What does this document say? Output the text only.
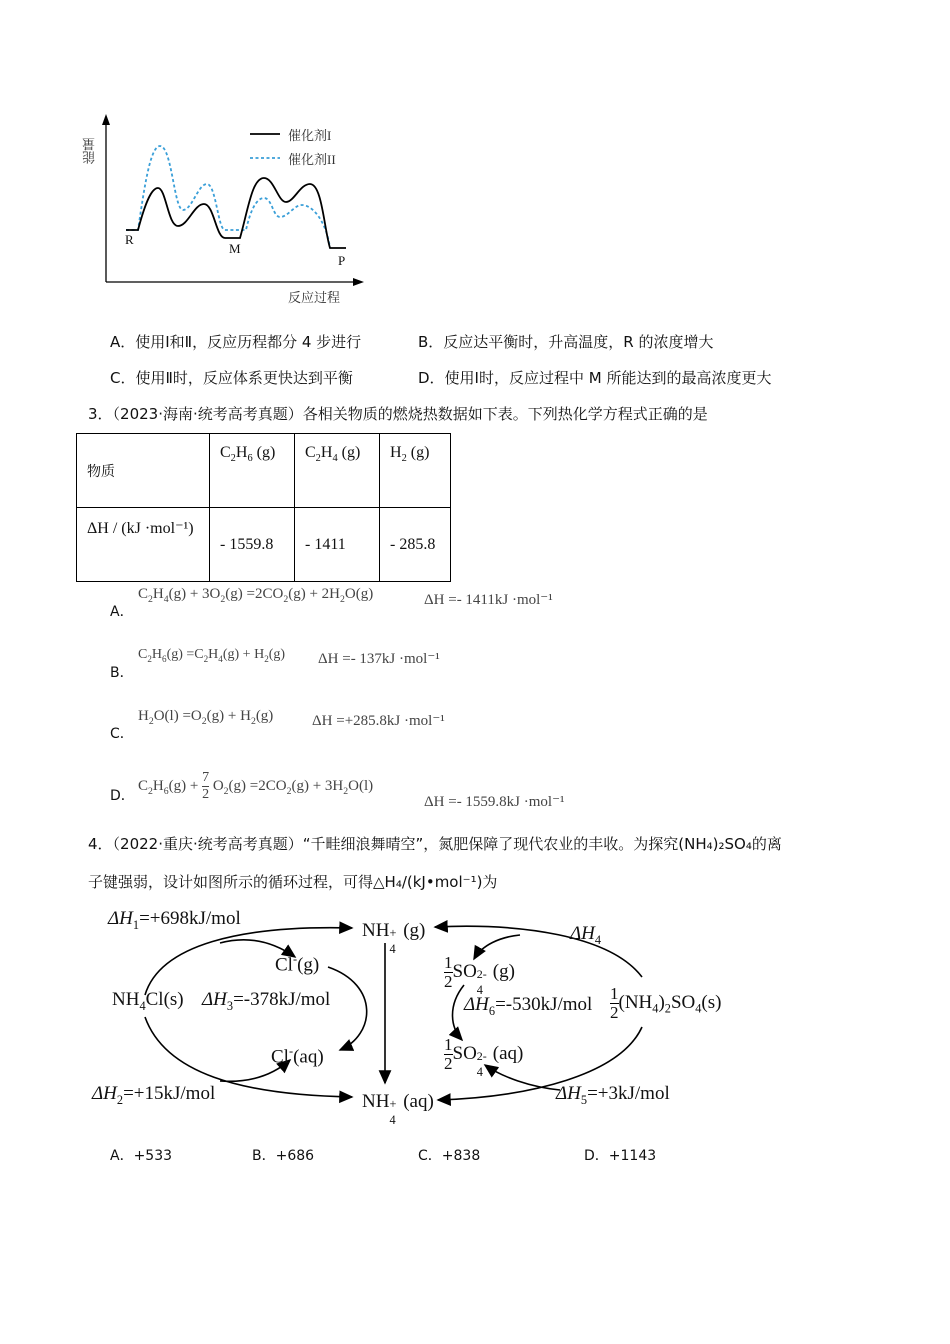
能量
反应过程
催化剂I
催化剂II
R
M
P
A．使用Ⅰ和Ⅱ，反应历程都分 4 步进行	B．反应达平衡时，升高温度，R 的浓度增大
C．使用Ⅱ时，反应体系更快达到平衡	D．使用Ⅰ时，反应过程中 M 所能达到的最高浓度更大
3．（2023·海南·统考高考真题）各相关物质的燃烧热数据如下表。下列热化学方程式正确的是
物质	$C_2H_6$ (g)	$C_2H_4$ (g)	$H_2$ (g)
ΔH / (kJ ·mol⁻¹)	- 1559.8	- 1411	- 285.8
A．
$C_2H_4(g) + 3O_2(g) =2CO_2(g) + 2H_2O(g)$	ΔH =- 1411kJ ·mol⁻¹
B．
$C_2H_6(g) =C_2H_4(g) + H_2(g) \Delta H =- 137kJ \cdot mol^{-1}$
C．
$H_2O(l) =O_2(g) + H_2(g)$	ΔH =+285.8kJ ·mol⁻¹
D．
$C_2H_6(g) + \frac{7}{2} O_2(g) =2CO_2(g) + 3H_2O(l)$
ΔH =- 1559.8kJ ·mol⁻¹
4．（2022·重庆·统考高考真题）“千畦细浪舞晴空”，氮肥保障了现代农业的丰收。为探究(NH₄)₂SO₄的离
子键强弱，设计如图所示的循环过程，可得△H₄/(kJ•mol⁻¹)为
$\Delta H_1=+698kJ$/mol
NH +
4
(g)
Cl-(g)
$NH_4Cl(s)$ $\Delta H_3=-378kJ$/mol
Cl-(aq)
$\Delta H_2=+15kJ$/mol	NH +
4
(aq)
$\Delta H_4$
$\frac{1}{2}$ SO 2-
4
(g)
$\Delta H_6=-530kJ$/mol $\frac{1}{2} (NH_4)_2SO_4(s)$
$\frac{1}{2}$ SO 2-
4
(aq)
$\Delta H_5=+3kJ$/mol
A．+533	B．+686	C．+838	D．+1143
